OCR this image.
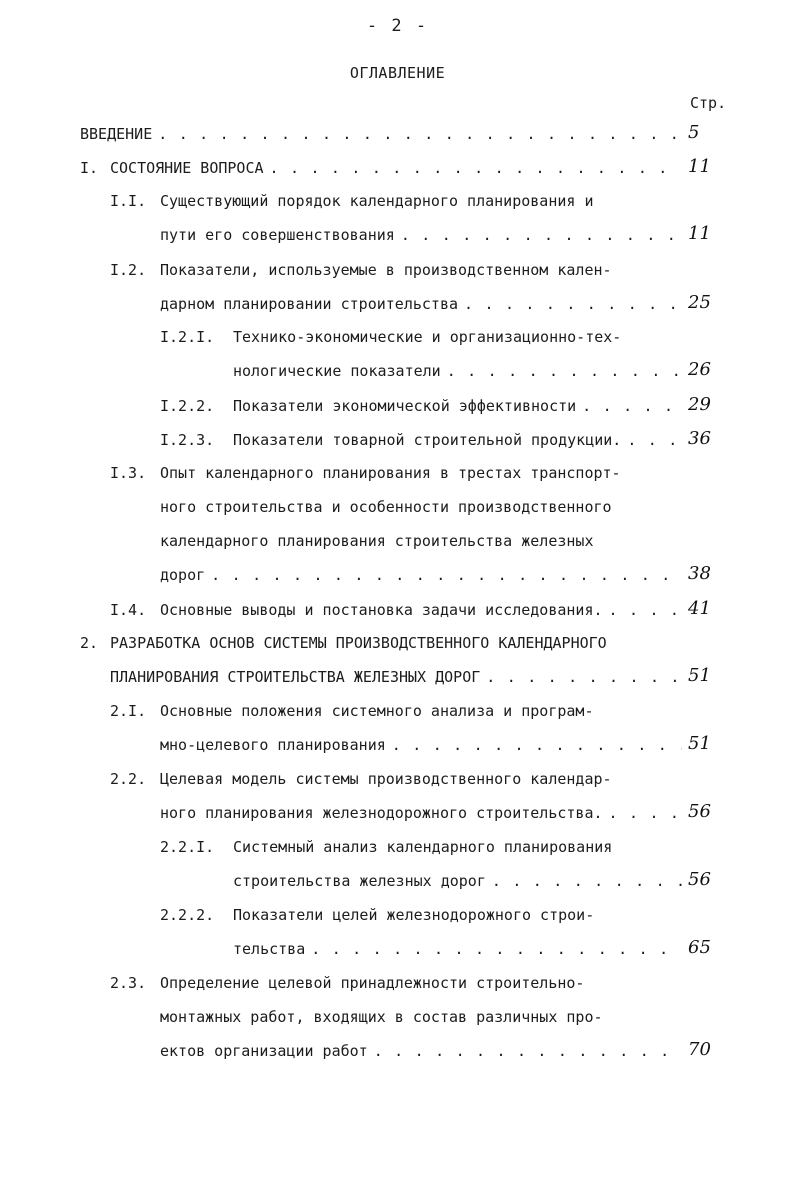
- 2 -
ОГЛАВЛЕНИЕ
Стр.
ВВЕДЕНИЕ . . .	5
I. СОСТОЯНИЕ ВОПРОСА . . .	11
I.I. Существующий порядок календарного планирования и
пути его совершенствования . . .	11
I.2. Показатели, используемые в производственном кален-
дарном планировании строительства . . .	25
I.2.I. Технико-экономические и организационно-тех-
нологические показатели . . .	26
I.2.2. Показатели экономической эффективности . . .	29
I.2.3. Показатели товарной строительной продукции. . . .	36
I.3. Опыт календарного планирования в трестах транспорт-
ного строительства и особенности производственного
календарного планирования строительства железных
дорог . . .	38
I.4. Основные выводы и постановка задачи исследования. . . .	41
2. РАЗРАБОТКА ОСНОВ СИСТЕМЫ ПРОИЗВОДСТВЕННОГО КАЛЕНДАРНОГО
ПЛАНИРОВАНИЯ СТРОИТЕЛЬСТВА ЖЕЛЕЗНЫХ ДОРОГ . . .	51
2.I. Основные положения системного анализа и програм-
мно-целевого планирования . . .	51
2.2. Целевая модель системы производственного календар-
ного планирования железнодорожного строительства. . . .	56
2.2.I. Системный анализ календарного планирования
строительства железных дорог . . .	56
2.2.2. Показатели целей железнодорожного строи-
тельства . . .	65
2.3. Определение целевой принадлежности строительно-
монтажных работ, входящих в состав различных про-
ектов организации работ . . .	70
